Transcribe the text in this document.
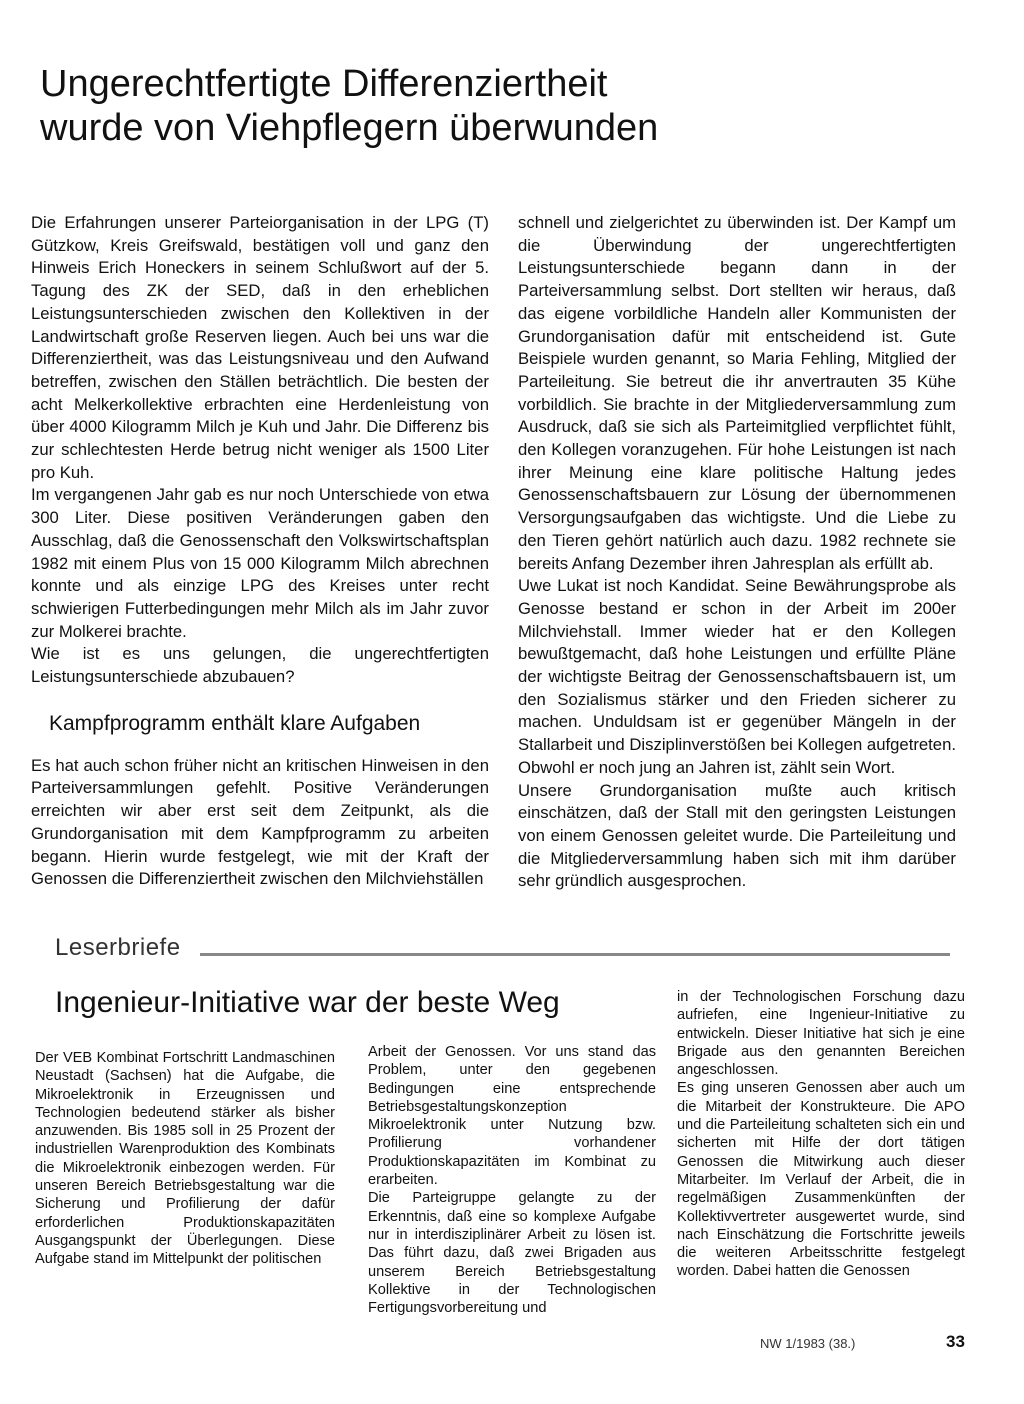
Ungerechtfertigte Differenziertheit
wurde von Viehpflegern überwunden

Die Erfahrungen unserer Parteiorganisation in der LPG (T) Gützkow, Kreis Greifswald, bestätigen voll und ganz den Hinweis Erich Honeckers in seinem Schlußwort auf der 5. Tagung des ZK der SED, daß in den erheblichen Leistungsunterschieden zwischen den Kollektiven in der Landwirtschaft große Reserven liegen. Auch bei uns war die Differenziertheit, was das Leistungsniveau und den Aufwand betreffen, zwischen den Ställen beträchtlich. Die besten der acht Melkerkollektive erbrachten eine Herdenleistung von über 4000 Kilogramm Milch je Kuh und Jahr. Die Differenz bis zur schlechtesten Herde betrug nicht weniger als 1500 Liter pro Kuh.

Im vergangenen Jahr gab es nur noch Unterschiede von etwa 300 Liter. Diese positiven Veränderungen gaben den Ausschlag, daß die Genossenschaft den Volkswirtschaftsplan 1982 mit einem Plus von 15 000 Kilogramm Milch abrechnen konnte und als einzige LPG des Kreises unter recht schwierigen Futterbedingungen mehr Milch als im Jahr zuvor zur Molkerei brachte.

Wie ist es uns gelungen, die ungerechtfertigten Leistungsunterschiede abzubauen?

Kampfprogramm enthält klare Aufgaben

Es hat auch schon früher nicht an kritischen Hinweisen in den Parteiversammlungen gefehlt. Positive Veränderungen erreichten wir aber erst seit dem Zeitpunkt, als die Grundorganisation mit dem Kampfprogramm zu arbeiten begann. Hierin wurde festgelegt, wie mit der Kraft der Genossen die Differenziertheit zwischen den Milchviehställen

schnell und zielgerichtet zu überwinden ist. Der Kampf um die Überwindung der ungerechtfertigten Leistungsunterschiede begann dann in der Parteiversammlung selbst. Dort stellten wir heraus, daß das eigene vorbildliche Handeln aller Kommunisten der Grundorganisation dafür mit entscheidend ist. Gute Beispiele wurden genannt, so Maria Fehling, Mitglied der Parteileitung. Sie betreut die ihr anvertrauten 35 Kühe vorbildlich. Sie brachte in der Mitgliederversammlung zum Ausdruck, daß sie sich als Parteimitglied verpflichtet fühlt, den Kollegen voranzugehen. Für hohe Leistungen ist nach ihrer Meinung eine klare politische Haltung jedes Genossenschaftsbauern zur Lösung der übernommenen Versorgungsaufgaben das wichtigste. Und die Liebe zu den Tieren gehört natürlich auch dazu. 1982 rechnete sie bereits Anfang Dezember ihren Jahresplan als erfüllt ab.

Uwe Lukat ist noch Kandidat. Seine Bewährungsprobe als Genosse bestand er schon in der Arbeit im 200er Milchviehstall. Immer wieder hat er den Kollegen bewußtgemacht, daß hohe Leistungen und erfüllte Pläne der wichtigste Beitrag der Genossenschaftsbauern ist, um den Sozialismus stärker und den Frieden sicherer zu machen. Unduldsam ist er gegenüber Mängeln in der Stallarbeit und Disziplinverstößen bei Kollegen aufgetreten. Obwohl er noch jung an Jahren ist, zählt sein Wort.

Unsere Grundorganisation mußte auch kritisch einschätzen, daß der Stall mit den geringsten Leistungen von einem Genossen geleitet wurde. Die Parteileitung und die Mitgliederversammlung haben sich mit ihm darüber sehr gründlich ausgesprochen.

Leserbriefe
Ingenieur-Initiative war der beste Weg

Der VEB Kombinat Fortschritt Landmaschinen Neustadt (Sachsen) hat die Aufgabe, die Mikroelektronik in Erzeugnissen und Technologien bedeutend stärker als bisher anzuwenden. Bis 1985 soll in 25 Prozent der industriellen Warenproduktion des Kombinats die Mikroelektronik einbezogen werden. Für unseren Bereich Betriebsgestaltung war die Sicherung und Profilierung der dafür erforderlichen Produktionskapazitäten Ausgangspunkt der Überlegungen. Diese Aufgabe stand im Mittelpunkt der politischen

Arbeit der Genossen. Vor uns stand das Problem, unter den gegebenen Bedingungen eine entsprechende Betriebsgestaltungskonzeption Mikroelektronik unter Nutzung bzw. Profilierung vorhandener Produktionskapazitäten im Kombinat zu erarbeiten.

Die Parteigruppe gelangte zu der Erkenntnis, daß eine so komplexe Aufgabe nur in interdisziplinärer Arbeit zu lösen ist. Das führt dazu, daß zwei Brigaden aus unserem Bereich Betriebsgestaltung Kollektive in der Technologischen Fertigungsvorbereitung und

in der Technologischen Forschung dazu aufriefen, eine Ingenieur-Initiative zu entwickeln. Dieser Initiative hat sich je eine Brigade aus den genannten Bereichen angeschlossen.

Es ging unseren Genossen aber auch um die Mitarbeit der Konstrukteure. Die APO und die Parteileitung schalteten sich ein und sicherten mit Hilfe der dort tätigen Genossen die Mitwirkung auch dieser Mitarbeiter. Im Verlauf der Arbeit, die in regelmäßigen Zusammenkünften der Kollektivvertreter ausgewertet wurde, sind nach Einschätzung die Fortschritte jeweils die weiteren Arbeitsschritte festgelegt worden. Dabei hatten die Genossen

NW 1/1983 (38.)	33
